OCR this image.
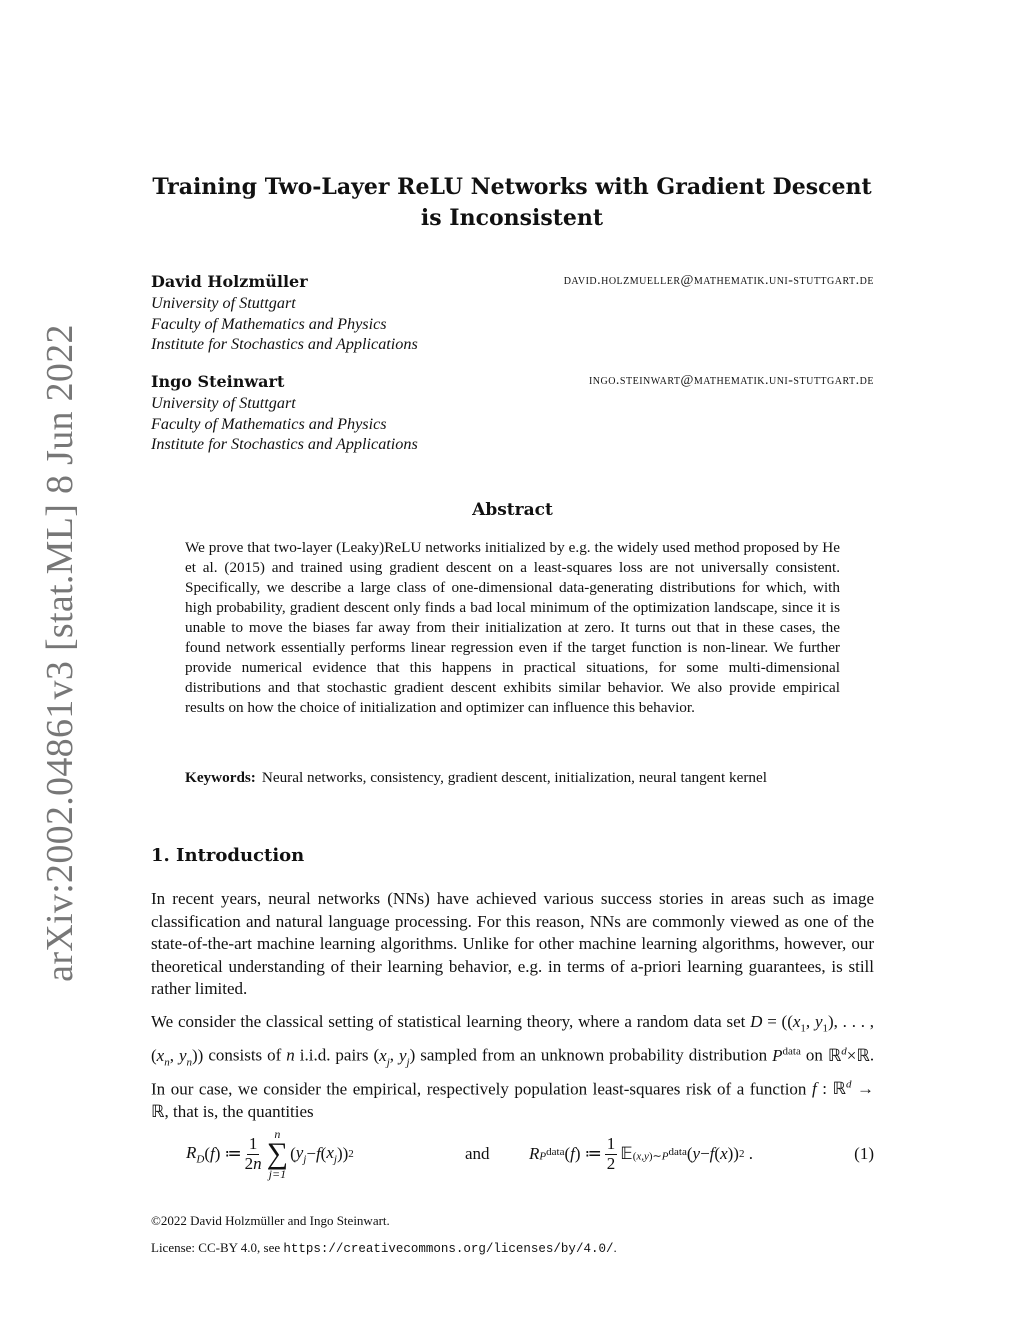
arXiv:2002.04861v3 [stat.ML] 8 Jun 2022
Training Two-Layer ReLU Networks with Gradient Descent
is Inconsistent
David Holzmüller	david.holzmueller@mathematik.uni-stuttgart.de
University of Stuttgart
Faculty of Mathematics and Physics
Institute for Stochastics and Applications
Ingo Steinwart	ingo.steinwart@mathematik.uni-stuttgart.de
University of Stuttgart
Faculty of Mathematics and Physics
Institute for Stochastics and Applications
Abstract
We prove that two-layer (Leaky)ReLU networks initialized by e.g. the widely used method proposed by He et al. (2015) and trained using gradient descent on a least-squares loss are not universally consistent. Specifically, we describe a large class of one-dimensional data-generating distributions for which, with high probability, gradient descent only finds a bad local minimum of the optimization landscape, since it is unable to move the biases far away from their initialization at zero. It turns out that in these cases, the found network essentially performs linear regression even if the target function is non-linear. We further provide numerical evidence that this happens in practical situations, for some multi-dimensional distributions and that stochastic gradient descent exhibits similar behavior. We also provide empirical results on how the choice of initialization and optimizer can influence this behavior.
Keywords: Neural networks, consistency, gradient descent, initialization, neural tangent kernel
1. Introduction
In recent years, neural networks (NNs) have achieved various success stories in areas such as image classification and natural language processing. For this reason, NNs are commonly viewed as one of the state-of-the-art machine learning algorithms. Unlike for other machine learning algorithms, however, our theoretical understanding of their learning behavior, e.g. in terms of a-priori learning guarantees, is still rather limited.
We consider the classical setting of statistical learning theory, where a random data set $D = ((x_1$, $y_1$), . . . , ($x_n$, $y_n$)) consists of n i.i.d. pairs ($x_j$, $y_j$) sampled from an unknown probability distribution $P^{data}$ on ℝ$^d$×ℝ. In our case, we consider the empirical, respectively population least-squares risk of a function f : ℝ$^d$ → ℝ, that is, the quantities
$R_D$ ( f ) ≔ $\frac{1}{2n}$
n
∑
j=1
( $y_j - f$ ( $x_j$ )) 2	and R $P^{data}$ ( f ) ≔ $\frac{1}{2}$ 𝔼 $(x,y)\sim P^{data}$ ( y − f ( x )) 2 .	(1)
©2022 David Holzmüller and Ingo Steinwart.
License: CC-BY 4.0, see https://creativecommons.org/licenses/by/4.0/.
